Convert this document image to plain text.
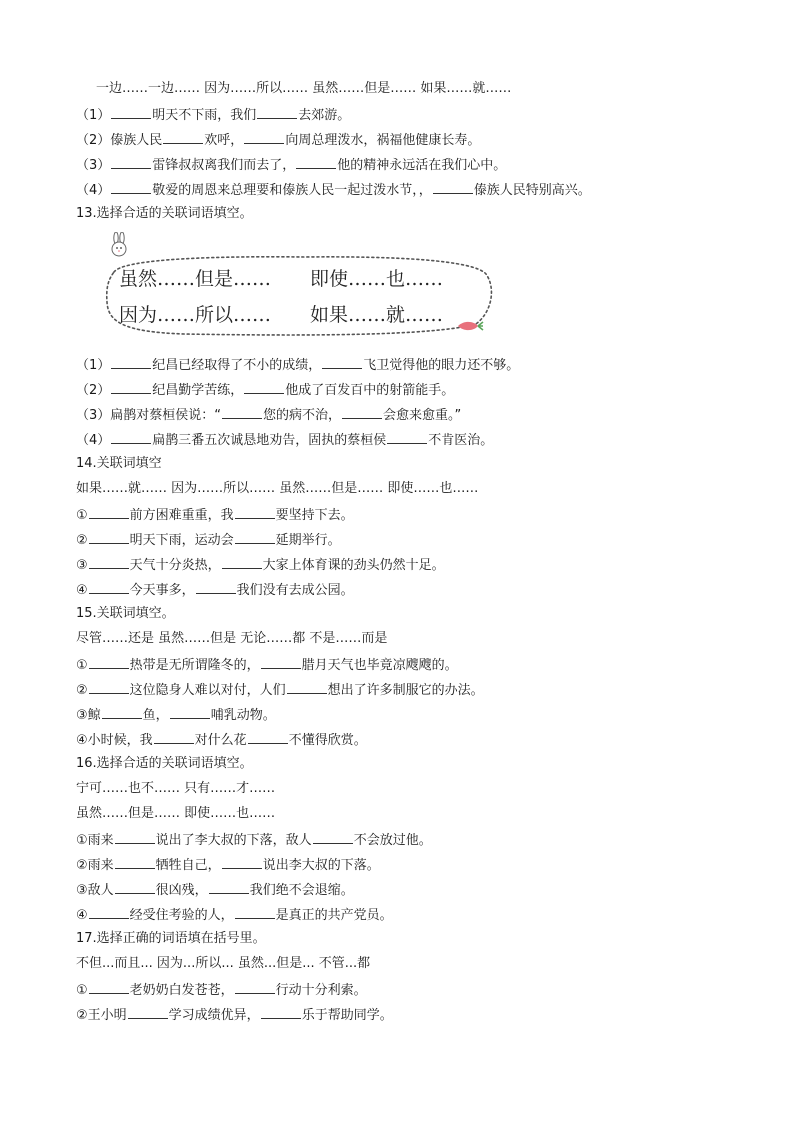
一边……一边…… 因为……所以…… 虽然……但是…… 如果……就……
（1）	明天不下雨，我们	去郊游。
（2）傣族人民	欢呼，	向周总理泼水，祸福他健康长寿。
（3）	雷锋叔叔离我们而去了，	他的精神永远活在我们心中。
（4）	敬爱的周恩来总理要和傣族人民一起过泼水节，，	傣族人民特别高兴。
13.选择合适的关联词语填空。
虽然……但是…… 即使……也……
因为……所以…… 如果……就……
（1）	纪昌已经取得了不小的成绩，	飞卫觉得他的眼力还不够。
（2）	纪昌勤学苦练，	他成了百发百中的射箭能手。
（3）扁鹊对蔡桓侯说：“	您的病不治，	会愈来愈重。”
（4）	扁鹊三番五次诚恳地劝告，固执的蔡桓侯	不肯医治。
14.关联词填空
如果……就…… 因为……所以…… 虽然……但是…… 即使……也……
①	前方困难重重，我	要坚持下去。
②	明天下雨，运动会	延期举行。
③	天气十分炎热，	大家上体育课的劲头仍然十足。
④	今天事多，	我们没有去成公园。
15.关联词填空。
尽管……还是 虽然……但是 无论……都 不是……而是
①	热带是无所谓隆冬的，	腊月天气也毕竟凉飕飕的。
②	这位隐身人难以对付，人们	想出了许多制服它的办法。
③鲸	鱼，	哺乳动物。
④小时候，我	对什么花	不懂得欣赏。
16.选择合适的关联词语填空。
宁可……也不…… 只有……才……
虽然……但是…… 即使……也……
①雨来	说出了李大叔的下落，敌人	不会放过他。
②雨来	牺牲自己，	说出李大叔的下落。
③敌人	很凶残，	我们绝不会退缩。
④	经受住考验的人，	是真正的共产党员。
17.选择正确的词语填在括号里。
不但...而且... 因为...所以... 虽然...但是... 不管...都
①	老奶奶白发苍苍，	行动十分利索。
②王小明	学习成绩优异，	乐于帮助同学。
